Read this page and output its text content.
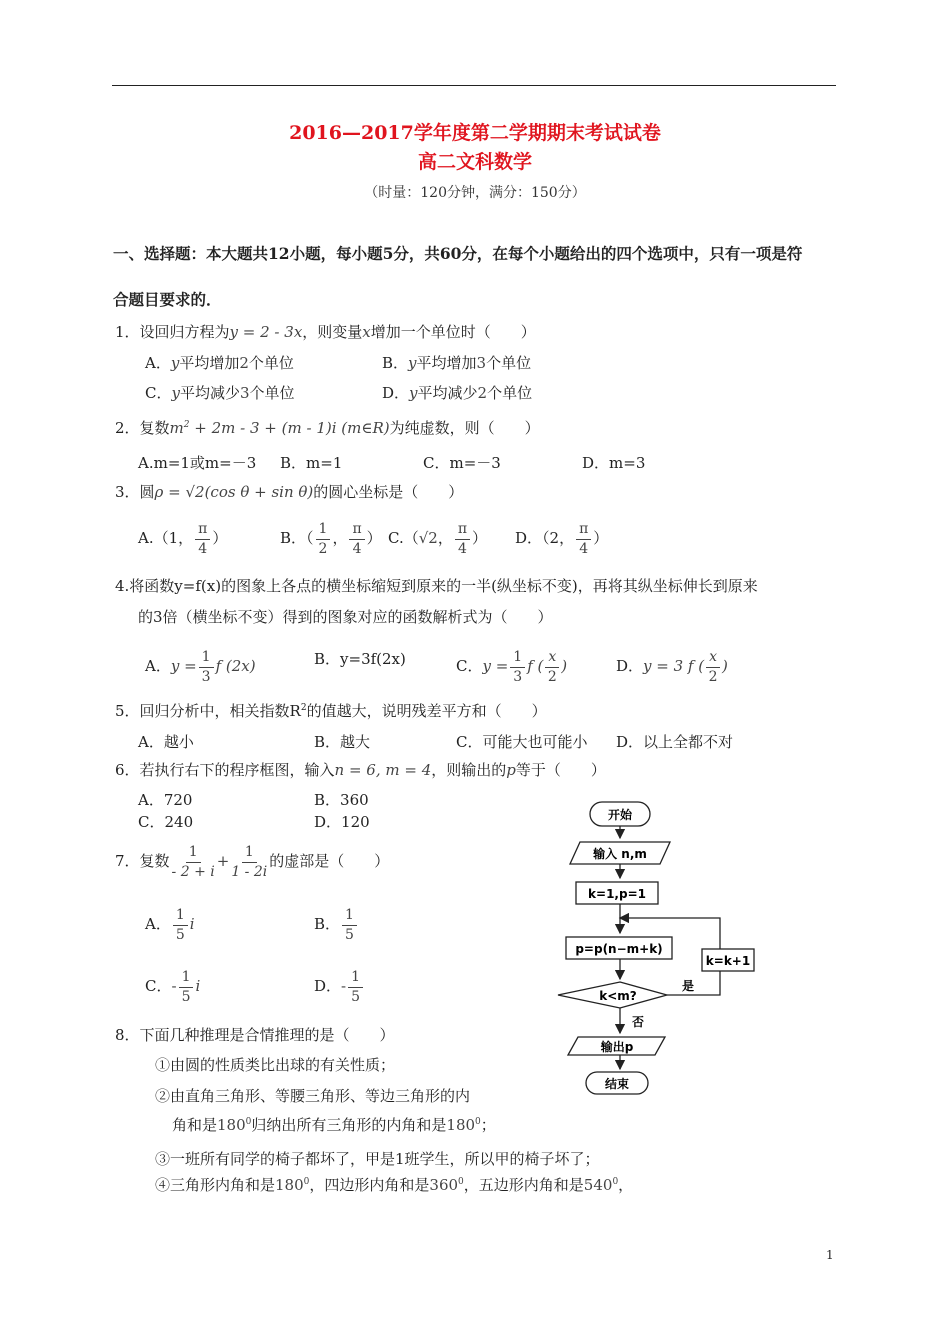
2016—2017学年度第二学期期末考试试卷
高二文科数学
（时量：120分钟，满分：150分）
一、选择题：本大题共12小题，每小题5分，共60分，在每个小题给出的四个选项中，只有一项是符
合题目要求的．
1．设回归方程为y = 2 - 3x，则变量x增加一个单位时（　　）
A．y平均增加2个单位	B．y平均增加3个单位
C．y平均减少3个单位	D．y平均减少2个单位
2．复数$m^2 + 2m - 3 + (m - 1)i$ (m∈R)为纯虚数，则（　　）
A.m=1或m=－3 B．m=1	C．m=－3	D．m=3
3．圆ρ = √2(cos θ + sin θ)的圆心坐标是（　　）
A.（1， $\frac{\pi}{4}$ ）	B．（ $\frac{1}{2}$ ， $\frac{\pi}{4}$ ） C.（√2， $\frac{\pi}{4}$ ） D．（2， $\frac{\pi}{4}$ ）
4.将函数y=f(x)的图象上各点的横坐标缩短到原来的一半(纵坐标不变)，再将其纵坐标伸长到原来
的3倍（横坐标不变）得到的图象对应的函数解析式为（　　）
A．$y = \frac{1}{3}$ f (2x)	B．y=3f(2x)	C．$y = \frac{1}{3}$ f ( $\frac{x}{2}$ )	D．y = 3 f ( $\frac{x}{2}$ )
5．回归分析中，相关指数$R^2$的值越大，说明残差平方和（　　）
A．越小	B．越大	C．可能大也可能小 D．以上全都不对
6．若执行右下的程序框图，输入n = 6, m = 4，则输出的p等于（　　）
A．720	B．360
C．240	D．120
7．复数 $\frac{1}{- 2 + i} + \frac{1}{1 - 2i}$ 的虚部是（　　）
A． $\frac{1}{5}$ i	B． $\frac{1}{5}$
C．- $\frac{1}{5}$ i	D．- $\frac{1}{5}$
8．下面几种推理是合情推理的是（　　）
①由圆的性质类比出球的有关性质；
②由直角三角形、等腰三角形、等边三角形的内
角和是$180^0$归纳出所有三角形的内角和是$180^0$；
③一班所有同学的椅子都坏了，甲是1班学生，所以甲的椅子坏了；
④三角形内角和是$180^0$，四边形内角和是$360^0$，五边形内角和是$540^0$，
开始
输入 n,m
k=1,p=1
p=p(n−m+k)
k<m?
是
否
k=k+1
输出p
结束
1
